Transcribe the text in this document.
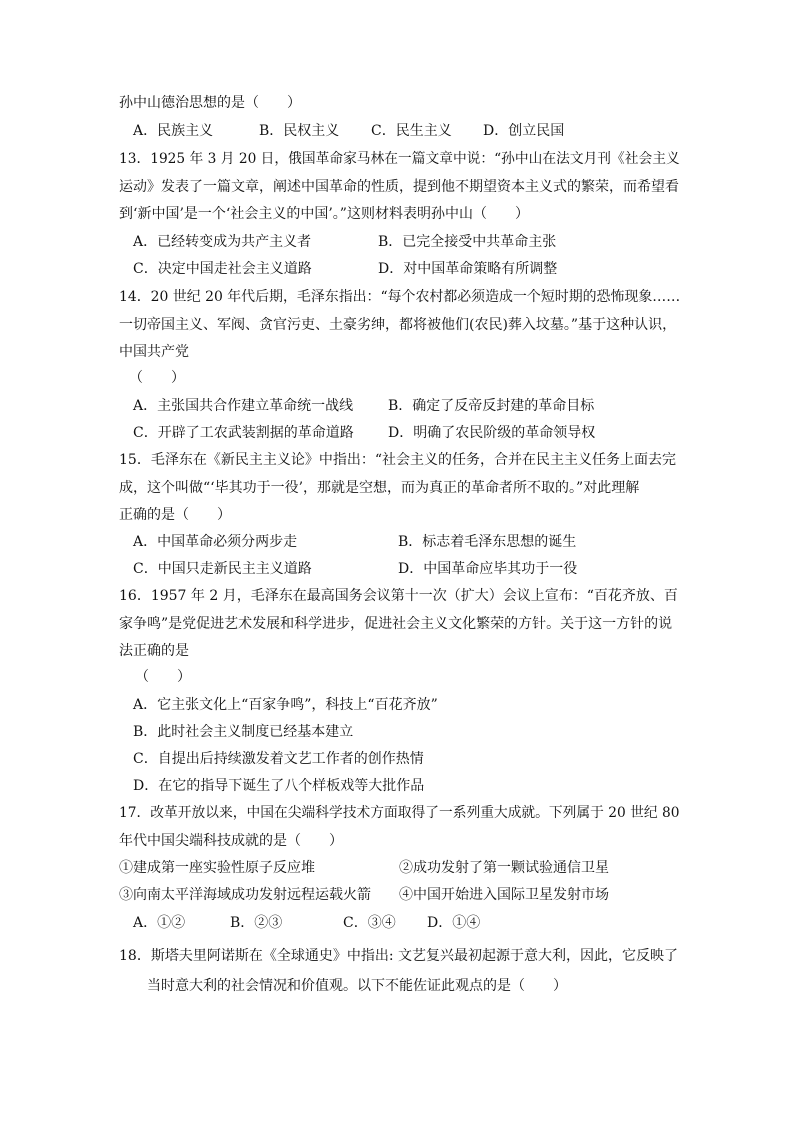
孙中山德治思想的是（　　）
A．民族主义	B．民权主义 C．民生主义 D．创立民国
13．1925 年 3 月 20 日，俄国革命家马林在一篇文章中说：“孙中山在法文月刊《社会主义
运动》发表了一篇文章，阐述中国革命的性质，提到他不期望资本主义式的繁荣，而希望看
到‘新中国’是一个‘社会主义的中国’。”这则材料表明孙中山（　　）
A．已经转变成为共产主义者	B．已完全接受中共革命主张
C．决定中国走社会主义道路	D．对中国革命策略有所调整
14．20 世纪 20 年代后期，毛泽东指出：“每个农村都必须造成一个短时期的恐怖现象……
一切帝国主义、军阀、贪官污吏、土豪劣绅，都将被他们(农民)葬入坟墓。”基于这种认识，
中国共产党
（　　）
A．主张国共合作建立革命统一战线 B．确定了反帝反封建的革命目标
C．开辟了工农武装割据的革命道路 D．明确了农民阶级的革命领导权
15．毛泽东在《新民主主义论》中指出：“社会主义的任务，合并在民主主义任务上面去完
成，这个叫做“‘毕其功于一役’，那就是空想，而为真正的革命者所不取的。”对此理解
正确的是（　　）
A．中国革命必须分两步走	B．标志着毛泽东思想的诞生
C．中国只走新民主主义道路	D．中国革命应毕其功于一役
16．1957 年 2 月，毛泽东在最高国务会议第十一次（扩大）会议上宣布：“百花齐放、百
家争鸣”是党促进艺术发展和科学进步，促进社会主义文化繁荣的方针。关于这一方针的说
法正确的是
（　　）
A．它主张文化上“百家争鸣”，科技上“百花齐放”
B．此时社会主义制度已经基本建立
C．自提出后持续激发着文艺工作者的创作热情
D．在它的指导下诞生了八个样板戏等大批作品
17．改革开放以来，中国在尖端科学技术方面取得了一系列重大成就。下列属于 20 世纪 80
年代中国尖端科技成就的是（　　）
①建成第一座实验性原子反应堆	②成功发射了第一颗试验通信卫星
③向南太平洋海域成功发射远程运载火箭 ④中国开始进入国际卫星发射市场
A．①②	B．②③	C．③④ D．①④
18．斯塔夫里阿诺斯在《全球通史》中指出: 文艺复兴最初起源于意大利，因此，它反映了
当时意大利的社会情况和价值观。以下不能佐证此观点的是（　　）
